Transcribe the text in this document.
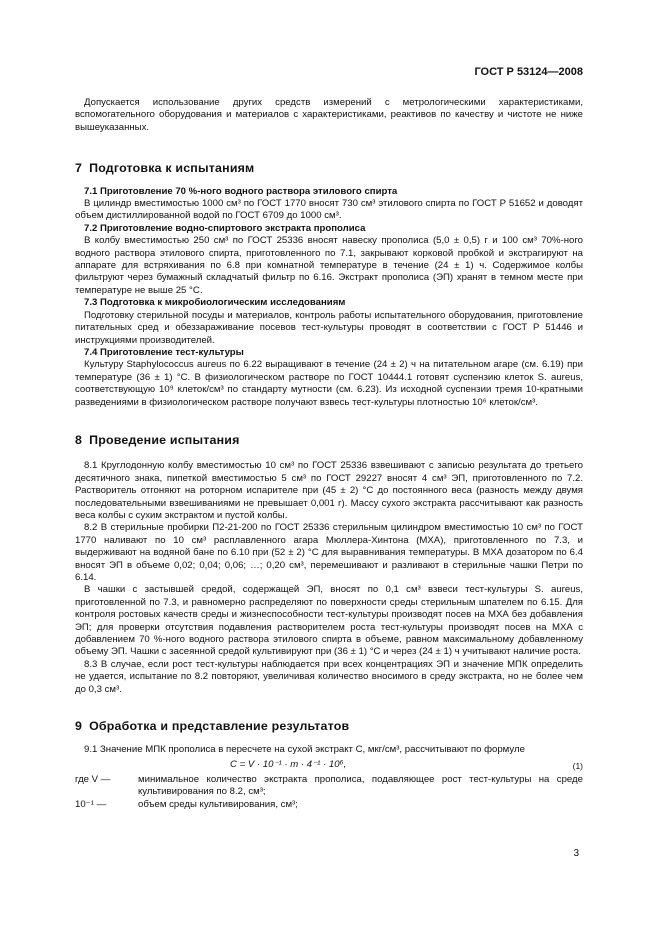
ГОСТ Р 53124—2008

Допускается использование других средств измерений с метрологическими характеристиками, вспомогательного оборудования и материалов с характеристиками, реактивов по качеству и чистоте не ниже вышеуказанных.

7 Подготовка к испытаниям

7.1 Приготовление 70 %-ного водного раствора этилового спирта

В цилиндр вместимостью 1000 см³ по ГОСТ 1770 вносят 730 см³ этилового спирта по ГОСТ Р 51652 и доводят объем дистиллированной водой по ГОСТ 6709 до 1000 см³.

7.2 Приготовление водно-спиртового экстракта прополиса

В колбу вместимостью 250 см³ по ГОСТ 25336 вносят навеску прополиса (5,0 ± 0,5) г и 100 см³ 70%-ного водного раствора этилового спирта, приготовленного по 7.1, закрывают корковой пробкой и экстрагируют на аппарате для встряхивания по 6.8 при комнатной температуре в течение (24 ± 1) ч. Содержимое колбы фильтруют через бумажный складчатый фильтр по 6.16. Экстракт прополиса (ЭП) хранят в темном месте при температуре не выше 25 °С.

7.3 Подготовка к микробиологическим исследованиям

Подготовку стерильной посуды и материалов, контроль работы испытательного оборудования, приготовление питательных сред и обеззараживание посевов тест-культуры проводят в соответствии с ГОСТ Р 51446 и инструкциями производителей.

7.4 Приготовление тест-культуры

Культуру Staphylococcus aureus по 6.22 выращивают в течение (24 ± 2) ч на питательном агаре (см. 6.19) при температуре (36 ± 1) °С. В физиологическом растворе по ГОСТ 10444.1 готовят суспензию клеток S. aureus, соответствующую 10⁹ клеток/см³ по стандарту мутности (см. 6.23). Из исходной суспензии тремя 10-кратными разведениями в физиологическом растворе получают взвесь тест-культуры плотностью 10⁶ клеток/см³.

8 Проведение испытания

8.1 Круглодонную колбу вместимостью 10 см³ по ГОСТ 25336 взвешивают с записью результата до третьего десятичного знака, пипеткой вместимостью 5 см³ по ГОСТ 29227 вносят 4 см³ ЭП, приготовленного по 7.2. Растворитель отгоняют на роторном испарителе при (45 ± 2) °С до постоянного веса (разность между двумя последовательными взвешиваниями не превышает 0,001 г). Массу сухого экстракта рассчитывают как разность веса колбы с сухим экстрактом и пустой колбы.

8.2 В стерильные пробирки П2-21-200 по ГОСТ 25336 стерильным цилиндром вместимостью 10 см³ по ГОСТ 1770 наливают по 10 см³ расплавленного агара Мюллера-Хинтона (МХА), приготовленного по 7.3, и выдерживают на водяной бане по 6.10 при (52 ± 2) °С для выравнивания температуры. В МХА дозатором по 6.4 вносят ЭП в объеме 0,02; 0,04; 0,06; …; 0,20 см³, перемешивают и разливают в стерильные чашки Петри по 6.14.

В чашки с застывшей средой, содержащей ЭП, вносят по 0,1 см³ взвеси тест-культуры S. aureus, приготовленной по 7.3, и равномерно распределяют по поверхности среды стерильным шпателем по 6.15. Для контроля ростовых качеств среды и жизнеспособности тест-культуры производят посев на МХА без добавления ЭП; для проверки отсутствия подавления растворителем роста тест-культуры производят посев на МХА с добавлением 70 %-ного водного раствора этилового спирта в объеме, равном максимальному добавленному объему ЭП. Чашки с засеянной средой культивируют при (36 ± 1) °С и через (24 ± 1) ч учитывают наличие роста.

8.3 В случае, если рост тест-культуры наблюдается при всех концентрациях ЭП и значение МПК определить не удается, испытание по 8.2 повторяют, увеличивая количество вносимого в среду экстракта, но не более чем до 0,3 см³.

9 Обработка и представление результатов

9.1 Значение МПК прополиса в пересчете на сухой экстракт C, мкг/см³, рассчитывают по формуле

C = V · 10⁻¹ · m · 4⁻¹ · 10⁶,	(1)
где V —	минимальное количество экстракта прополиса, подавляющее рост тест-культуры на среде культивирования по 8.2, см³;
10⁻¹ —	объем среды культивирования, см³;
3
